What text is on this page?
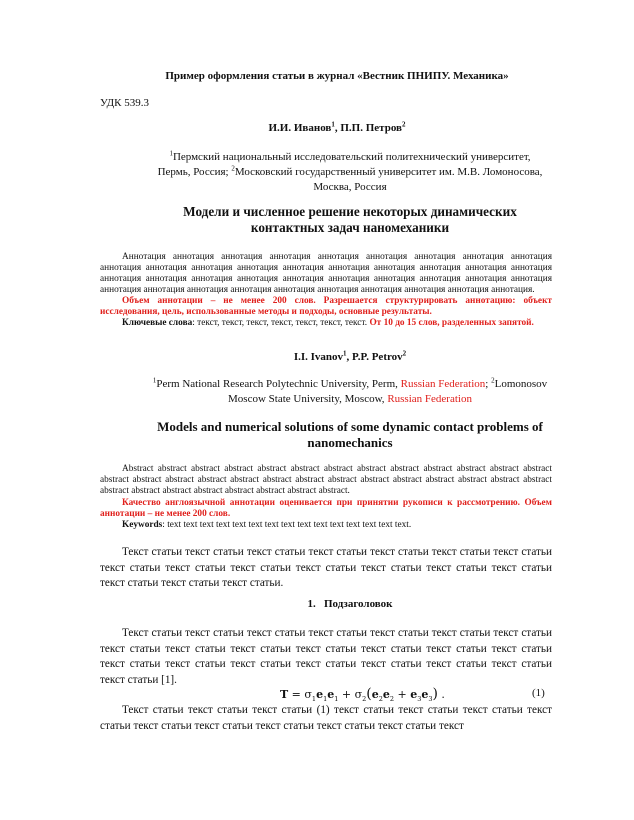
Пример оформления статьи в журнал «Вестник ПНИПУ. Механика»
УДК 539.3
И.И. Иванов$^1$, П.П. Петров$^2$
$^1$Пермский национальный исследовательский политехнический университет,
Пермь, Россия; $^2$Московский государственный университет им. М.В. Ломоносова,
Москва, Россия
Модели и численное решение некоторых динамических
контактных задач наномеханики
Аннотация аннотация аннотация аннотация аннотация аннотация аннотация аннотация аннотация аннотация аннотация аннотация аннотация аннотация аннотация аннотация аннотация аннотация аннотация аннотация аннотация аннотация аннотация аннотация аннотация аннотация аннотация аннотация аннотация аннотация аннотация аннотация аннотация аннотация аннотация аннотация аннотация аннотация аннотация.
Объем аннотации – не менее 200 слов. Разрешается структурировать аннотацию: объект исследования, цель, использованные методы и подходы, основные результаты.
Ключевые слова: текст, текст, текст, текст, текст, текст, текст. От 10 до 15 слов, разделенных запятой.
I.I. Ivanov$^1$, P.P. Petrov$^2$
$^1$Perm National Research Polytechnic University, Perm, Russian Federation; $^2$Lomonosov
Moscow State University, Moscow, Russian Federation
Models and numerical solutions of some dynamic contact problems of
nanomechanics
Abstract abstract abstract abstract abstract abstract abstract abstract abstract abstract abstract abstract abstract abstract abstract abstract abstract abstract abstract abstract abstract abstract abstract abstract abstract abstract abstract abstract abstract abstract abstract abstract abstract abstract abstract.
Качество англоязычной аннотации оценивается при принятии рукописи к рассмотрению. Объем аннотации – не менее 200 слов.
Keywords: text text text text text text text text text text text text text text text.
Текст статьи текст статьи текст статьи текст статьи текст статьи текст статьи текст статьи текст статьи текст статьи текст статьи текст статьи текст статьи текст статьи текст статьи текст статьи текст статьи текст статьи.
1.   Подзаголовок
Текст статьи текст статьи текст статьи текст статьи текст статьи текст статьи текст статьи текст статьи текст статьи текст статьи текст статьи текст статьи текст статьи текст статьи текст статьи текст статьи текст статьи текст статьи текст статьи текст статьи текст статьи текст статьи [1].
$T = \sigma_1e_1e_1 + \sigma_2(e_2e_2 + e_3e_3)$ .	(1)
Текст статьи текст статьи текст статьи (1) текст статьи текст статьи текст статьи текст статьи текст статьи текст статьи текст статьи текст статьи текст статьи текст
